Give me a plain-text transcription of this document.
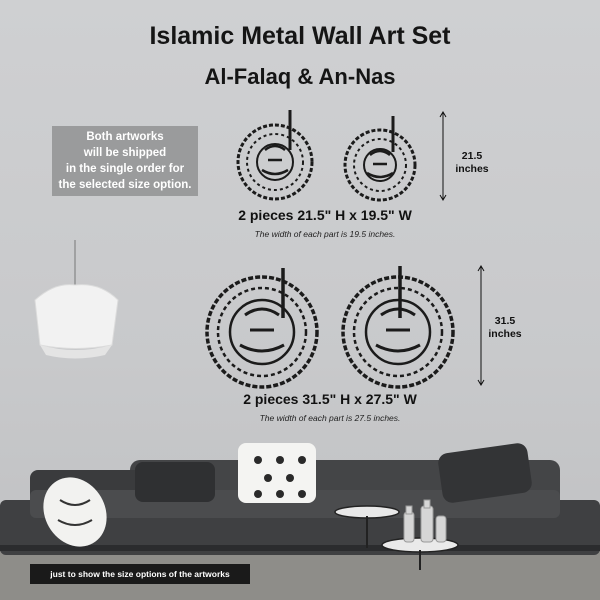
Islamic Metal Wall Art Set
Al-Falaq & An-Nas
Both artworks
will be shipped
in the single order for
the selected size option.
21.5
inches
2 pieces 21.5" H x 19.5" W
The width of each part is 19.5 inches.
31.5
inches
2 pieces 31.5" H x 27.5" W
The width of each part is 27.5 inches.
just to show the size options of the artworks
